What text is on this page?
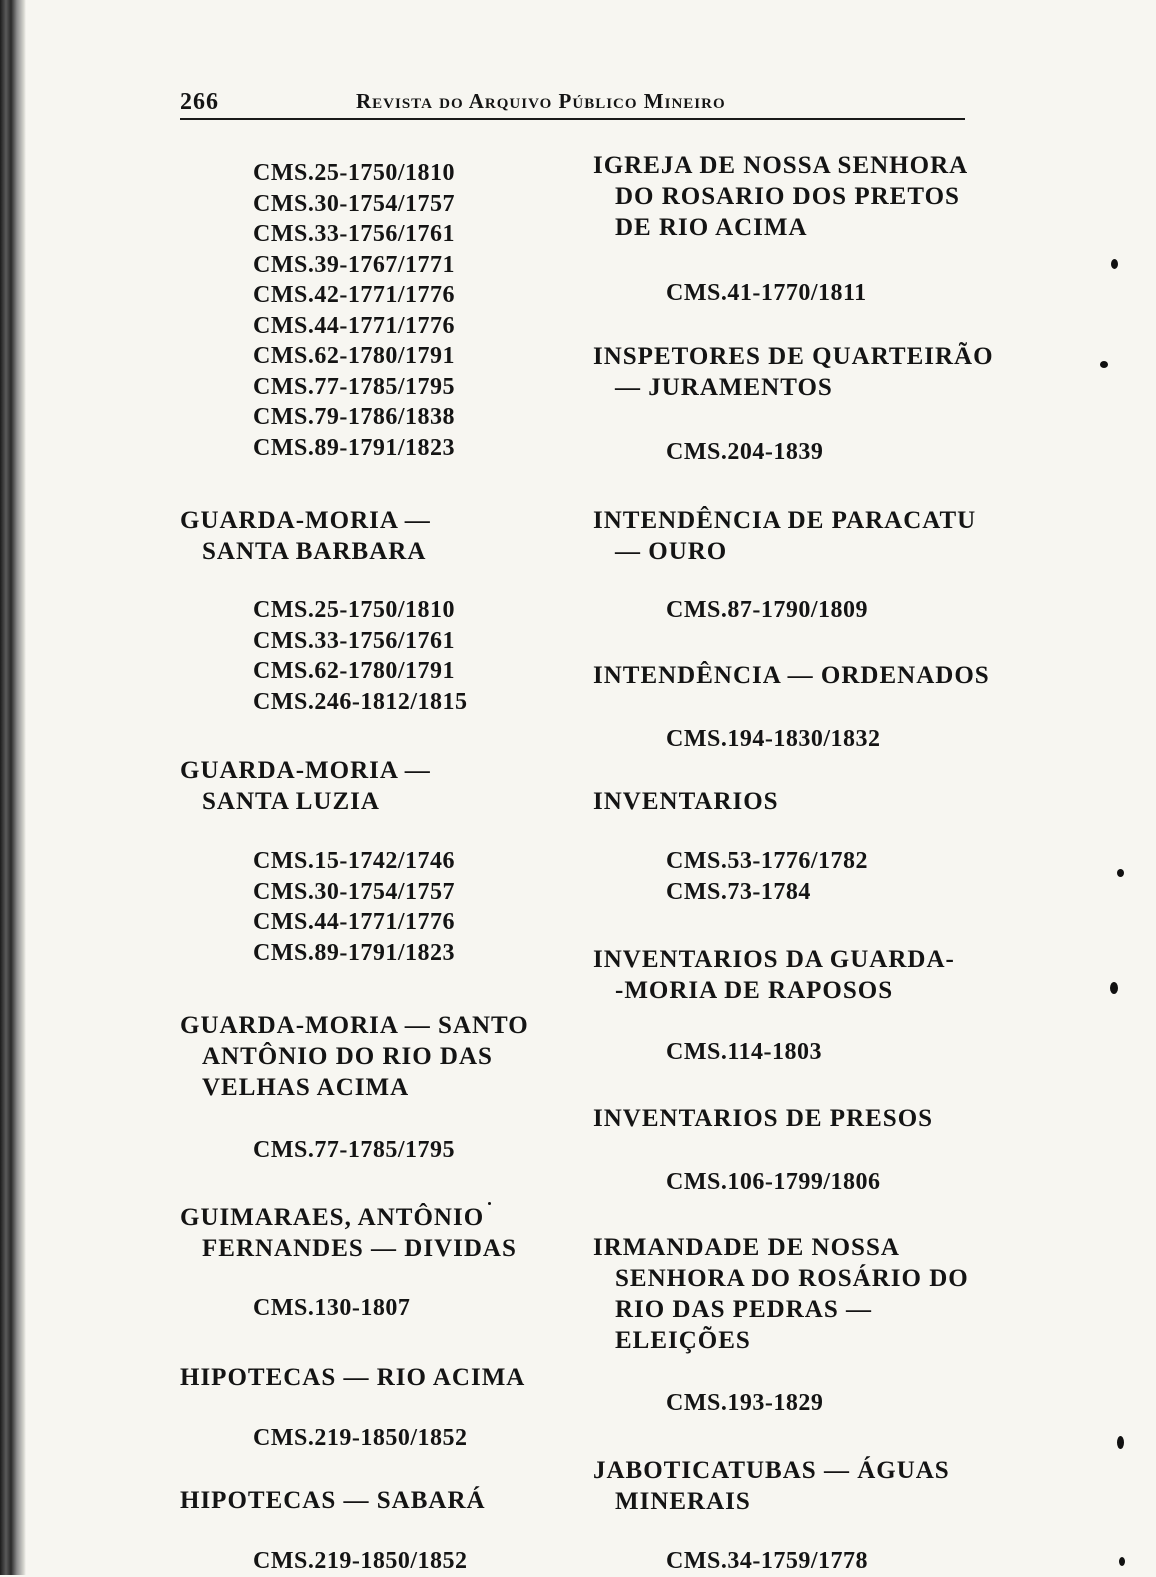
266	Revista do Arquivo Público Mineiro
CMS.25-1750/1810
CMS.30-1754/1757
CMS.33-1756/1761
CMS.39-1767/1771
CMS.42-1771/1776
CMS.44-1771/1776
CMS.62-1780/1791
CMS.77-1785/1795
CMS.79-1786/1838
CMS.89-1791/1823
GUARDA-MORIA —
SANTA BARBARA
CMS.25-1750/1810
CMS.33-1756/1761
CMS.62-1780/1791
CMS.246-1812/1815
GUARDA-MORIA —
SANTA LUZIA
CMS.15-1742/1746
CMS.30-1754/1757
CMS.44-1771/1776
CMS.89-1791/1823
GUARDA-MORIA — SANTO
ANTÔNIO DO RIO DAS
VELHAS ACIMA
CMS.77-1785/1795
GUIMARAES, ANTÔNIO
FERNANDES — DIVIDAS
CMS.130-1807
HIPOTECAS — RIO ACIMA
CMS.219-1850/1852
HIPOTECAS — SABARÁ
CMS.219-1850/1852
IGREJA DE NOSSA SENHORA
DO ROSARIO DOS PRETOS
DE RIO ACIMA
CMS.41-1770/1811
INSPETORES DE QUARTEIRÃO
— JURAMENTOS
CMS.204-1839
INTENDÊNCIA DE PARACATU
— OURO
CMS.87-1790/1809
INTENDÊNCIA — ORDENADOS
CMS.194-1830/1832
INVENTARIOS
CMS.53-1776/1782
CMS.73-1784
INVENTARIOS DA GUARDA-
-MORIA DE RAPOSOS
CMS.114-1803
INVENTARIOS DE PRESOS
CMS.106-1799/1806
IRMANDADE DE NOSSA
SENHORA DO ROSÁRIO DO
RIO DAS PEDRAS —
ELEIÇÕES
CMS.193-1829
JABOTICATUBAS — ÁGUAS
MINERAIS
CMS.34-1759/1778
